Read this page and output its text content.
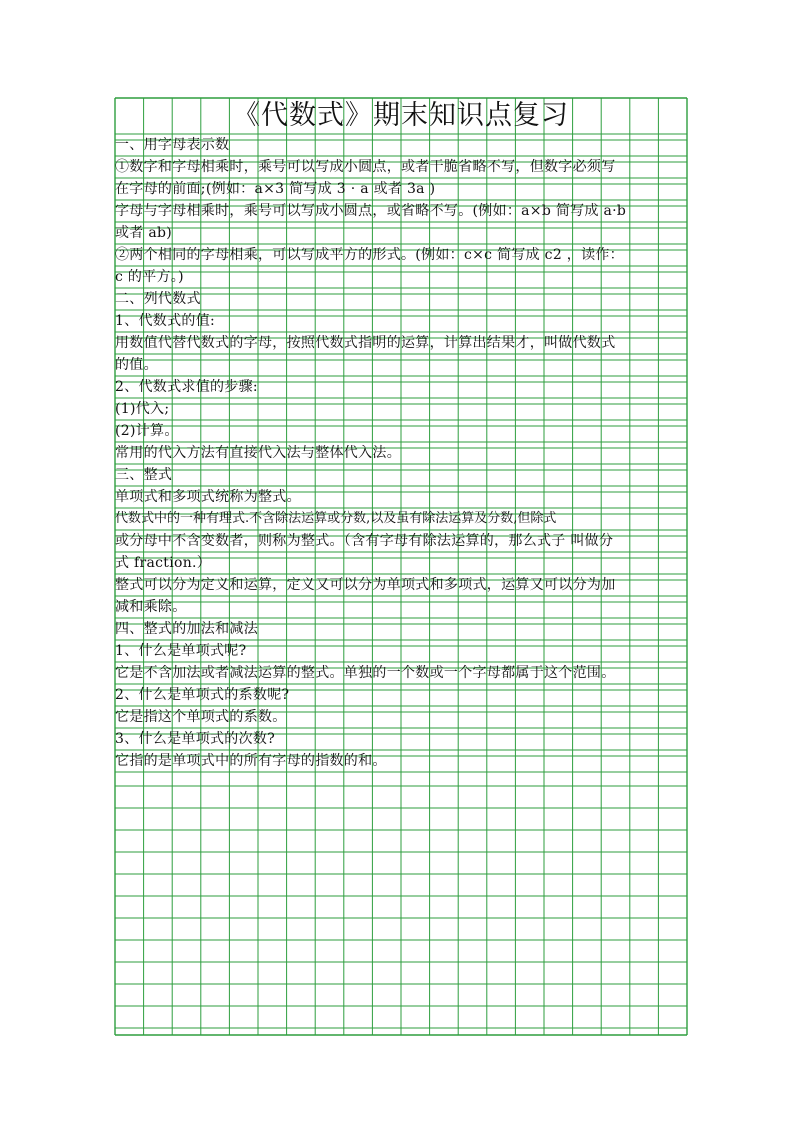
《代数式》期末知识点复习
一、用字母表示数
①数字和字母相乘时，乘号可以写成小圆点，或者干脆省略不写，但数字必须写
在字母的前面;(例如：a×3 简写成 3 · a 或者 3a )
字母与字母相乘时，乘号可以写成小圆点，或省略不写。(例如：a×b 简写成 a·b
或者 ab)
②两个相同的字母相乘，可以写成平方的形式。(例如：c×c 简写成 c2 ，读作：
c 的平方。)
二、列代数式
1、代数式的值:
用数值代替代数式的字母，按照代数式指明的运算，计算出结果才，叫做代数式
的值。
2、代数式求值的步骤:
(1)代入;
(2)计算。
常用的代入方法有直接代入法与整体代入法。
三、整式
单项式和多项式统称为整式。
代数式中的一种有理式.不含除法运算或分数,以及虽有除法运算及分数,但除式
或分母中不含变数者，则称为整式。（含有字母有除法运算的，那么式子 叫做分
式 fraction.）
整式可以分为定义和运算，定义又可以分为单项式和多项式，运算又可以分为加
减和乘除。
四、整式的加法和减法
1、什么是单项式呢?
它是不含加法或者减法运算的整式。单独的一个数或一个字母都属于这个范围。
2、什么是单项式的系数呢?
它是指这个单项式的系数。
3、什么是单项式的次数?
它指的是单项式中的所有字母的指数的和。
